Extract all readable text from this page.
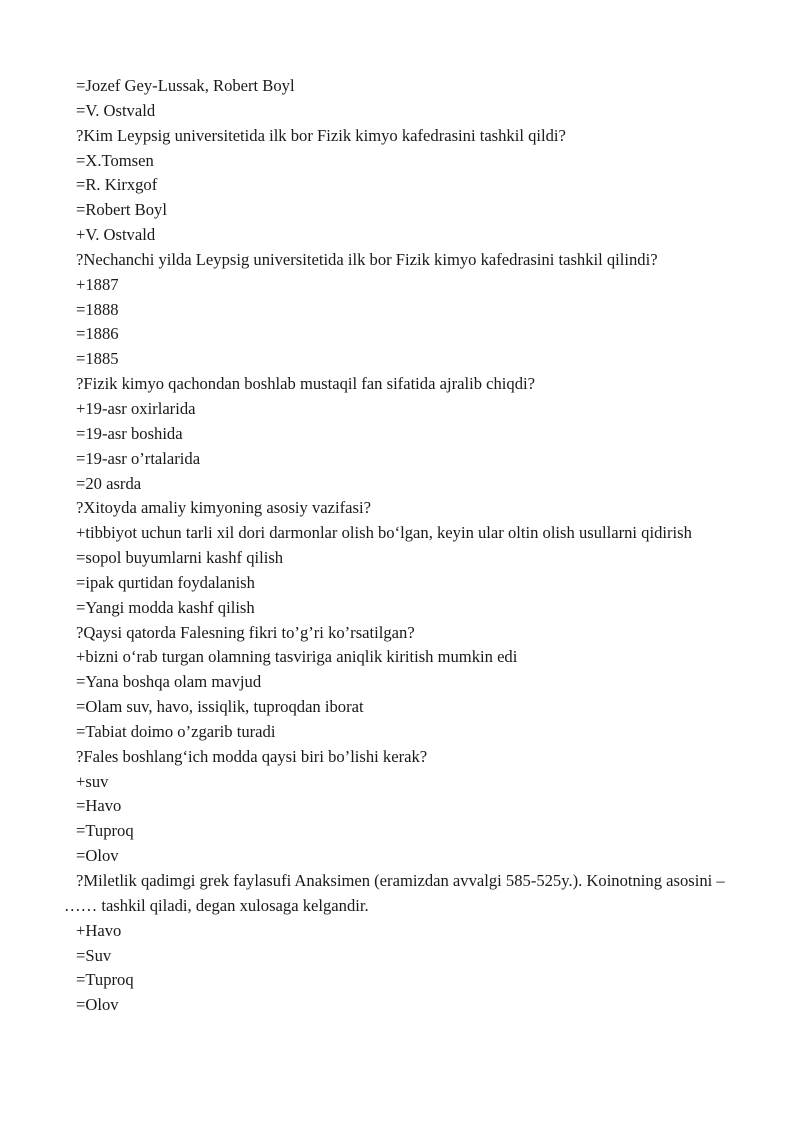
=Jozef Gey-Lussak, Robert Boyl
=V. Ostvald
?Kim Leypsig universitetida ilk bor Fizik kimyo kafedrasini tashkil qildi?
=X.Tomsen
=R. Kirxgof
=Robert Boyl
+V. Ostvald
?Nechanchi yilda Leypsig universitetida ilk bor Fizik kimyo kafedrasini tashkil qilindi?
+1887
=1888
=1886
=1885
?Fizik kimyo qachondan boshlab mustaqil fan sifatida ajralib chiqdi?
+19-asr oxirlarida
=19-asr boshida
=19-asr o’rtalarida
=20 asrda
?Xitoyda amaliy kimyoning asosiy vazifasi?
+tibbiyot uchun tarli xil dori darmonlar olish bo‘lgan, keyin ular oltin olish usullarni qidirish
=sopol buyumlarni kashf qilish
=ipak qurtidan foydalanish
=Yangi modda kashf qilish
?Qaysi qatorda Falesning fikri to’g’ri ko’rsatilgan?
+bizni o‘rab turgan olamning tasviriga aniqlik kiritish mumkin edi
=Yana boshqa olam mavjud
=Olam suv, havo, issiqlik, tuproqdan iborat
=Tabiat doimo o’zgarib turadi
?Fales boshlang‘ich modda qaysi biri bo’lishi kerak?
+suv
=Havo
=Tuproq
=Olov
?Miletlik qadimgi grek faylasufi Anaksimen (eramizdan avvalgi 585-525y.). Koinotning asosini – …… tashkil qiladi, degan xulosaga kelgandir.
+Havo
=Suv
=Tuproq
=Olov
